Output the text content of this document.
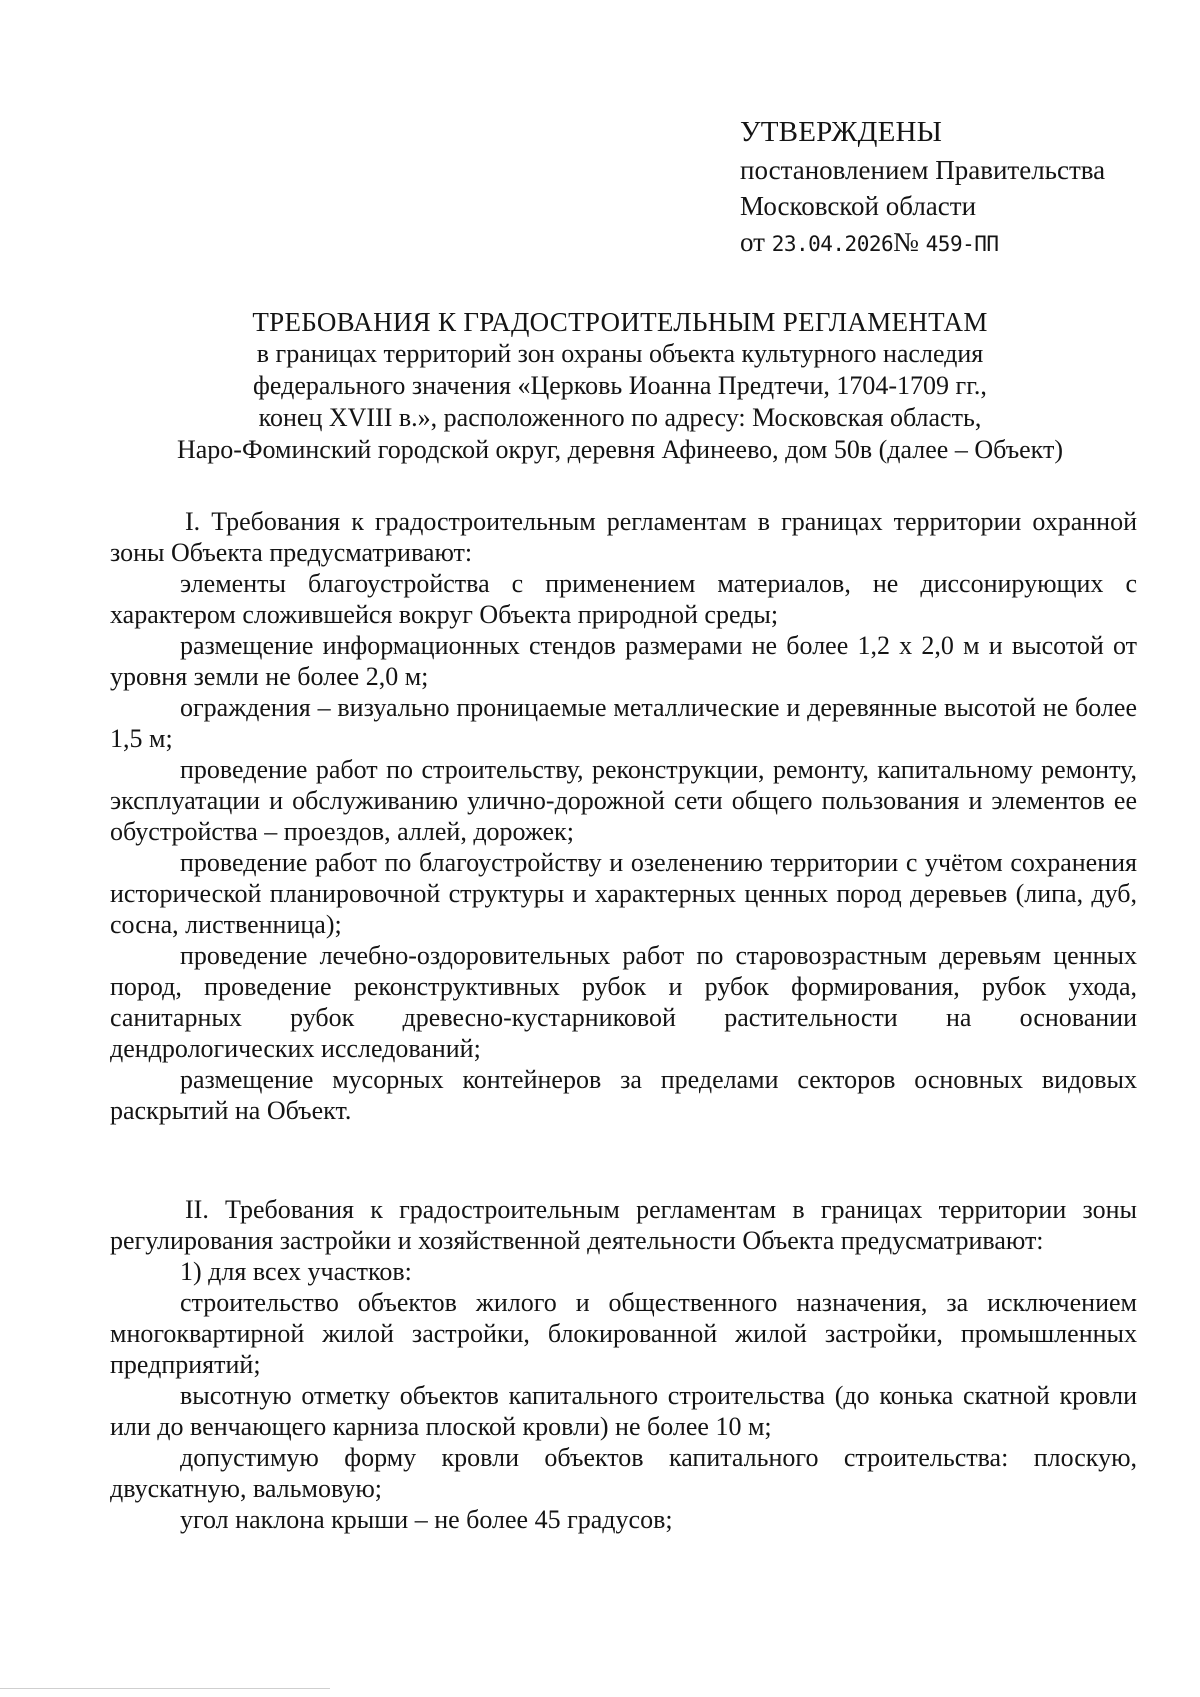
УТВЕРЖДЕНЫ
постановлением Правительства
Московской области
от 23.04.2026№ 459-ПП
ТРЕБОВАНИЯ К ГРАДОСТРОИТЕЛЬНЫМ РЕГЛАМЕНТАМ
в границах территорий зон охраны объекта культурного наследия
федерального значения «Церковь Иоанна Предтечи, 1704-1709 гг.,
конец XVIII в.», расположенного по адресу: Московская область,
Наро-Фоминский городской округ, деревня Афинеево, дом 50в (далее – Объект)

I. Требования к градостроительным регламентам в границах территории охранной зоны Объекта предусматривают:

элементы благоустройства с применением материалов, не диссонирующих с характером сложившейся вокруг Объекта природной среды;

размещение информационных стендов размерами не более 1,2 х 2,0 м и высотой от уровня земли не более 2,0 м;

ограждения – визуально проницаемые металлические и деревянные высотой не более 1,5 м;

проведение работ по строительству, реконструкции, ремонту, капитальному ремонту, эксплуатации и обслуживанию улично-дорожной сети общего пользования и элементов ее обустройства – проездов, аллей, дорожек;

проведение работ по благоустройству и озеленению территории с учётом сохранения исторической планировочной структуры и характерных ценных пород деревьев (липа, дуб, сосна, лиственница);

проведение лечебно-оздоровительных работ по старовозрастным деревьям ценных пород, проведение реконструктивных рубок и рубок формирования, рубок ухода, санитарных рубок древесно-кустарниковой растительности на основании дендрологических исследований;

размещение мусорных контейнеров за пределами секторов основных видовых раскрытий на Объект.

II. Требования к градостроительным регламентам в границах территории зоны регулирования застройки и хозяйственной деятельности Объекта предусматривают:

1) для всех участков:

строительство объектов жилого и общественного назначения, за исключением многоквартирной жилой застройки, блокированной жилой застройки, промышленных предприятий;

высотную отметку объектов капитального строительства (до конька скатной кровли или до венчающего карниза плоской кровли) не более 10 м;

допустимую форму кровли объектов капитального строительства: плоскую, двускатную, вальмовую;

угол наклона крыши – не более 45 градусов;
